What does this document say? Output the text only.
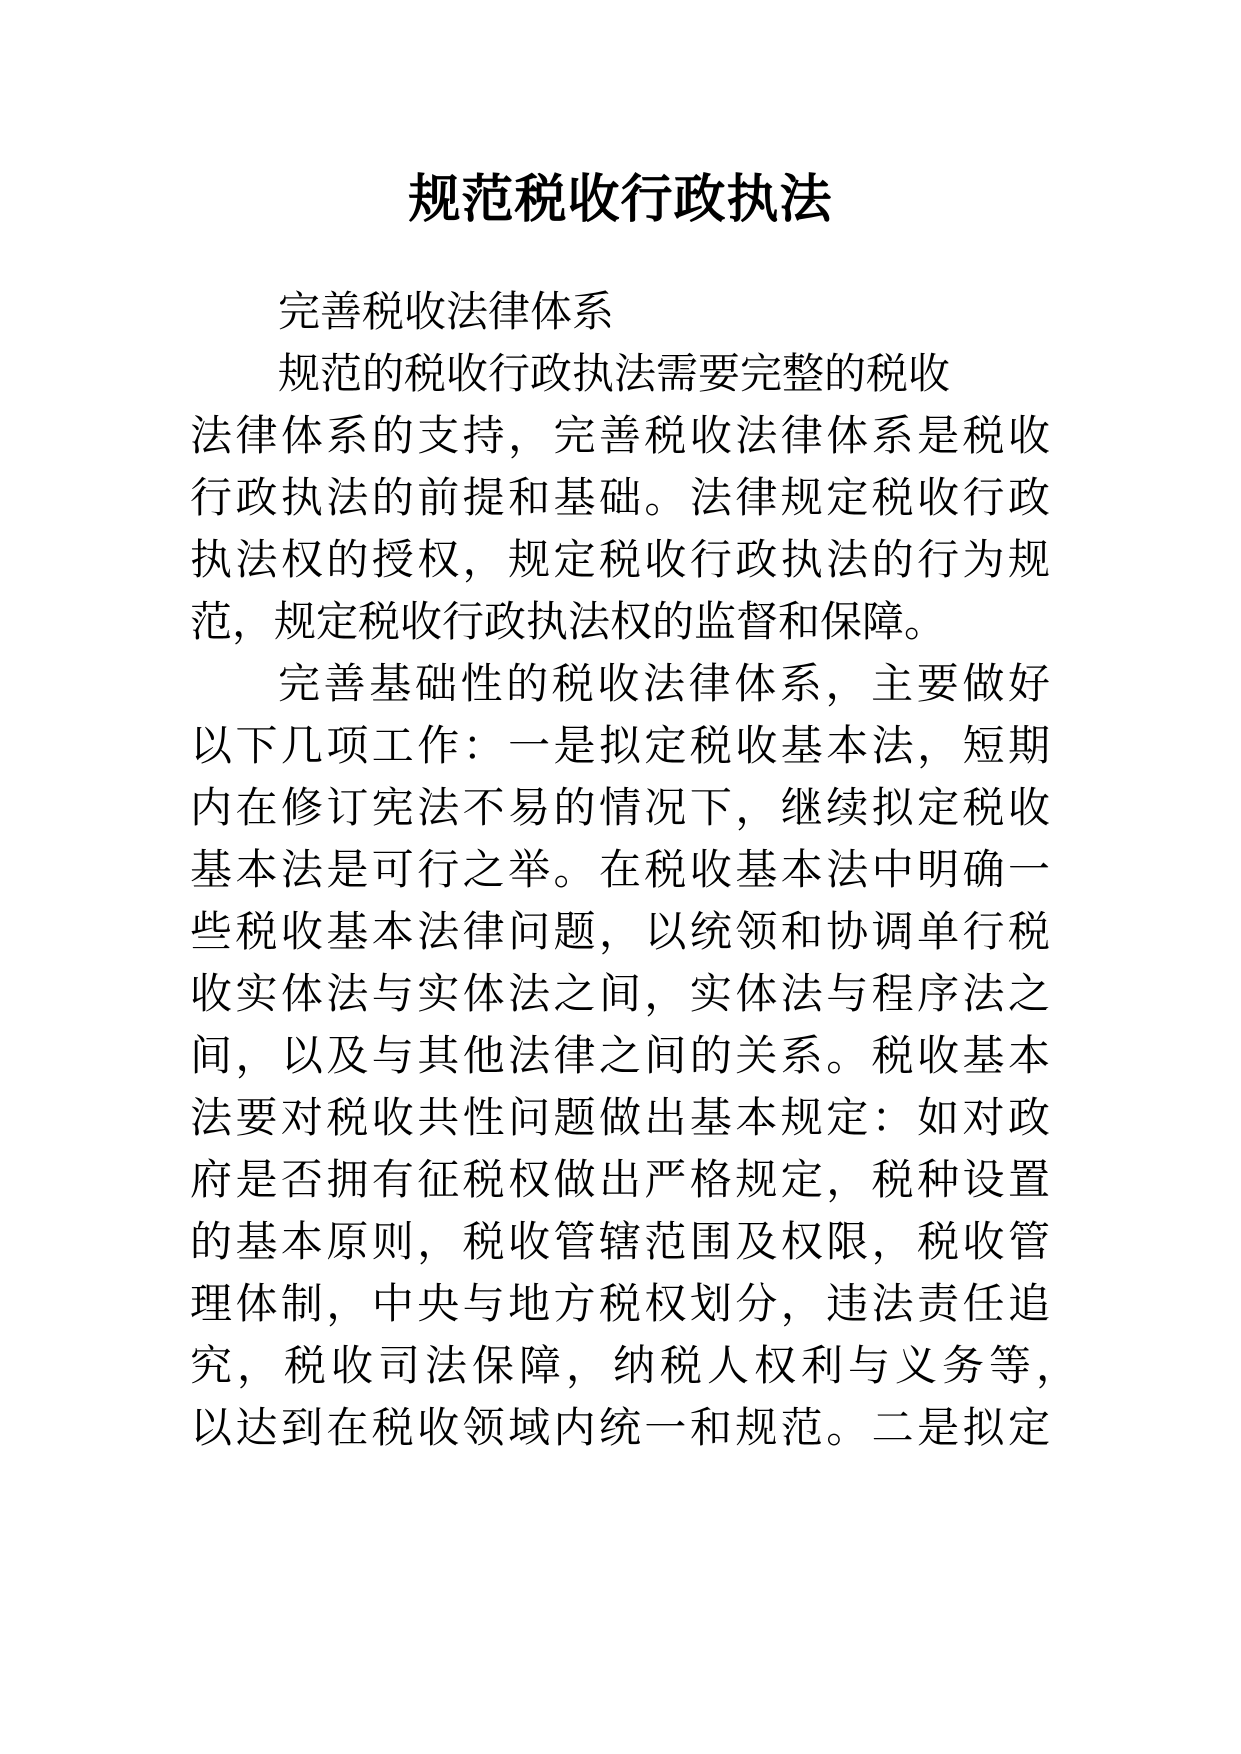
规范税收行政执法

完善税收法律体系

规范的税收行政执法需要完整的税收

法律体系的支持，完善税收法律体系是税收

行政执法的前提和基础。法律规定税收行政

执法权的授权，规定税收行政执法的行为规

范，规定税收行政执法权的监督和保障。

完善基础性的税收法律体系，主要做好

以下几项工作：一是拟定税收基本法，短期

内在修订宪法不易的情况下，继续拟定税收

基本法是可行之举。在税收基本法中明确一

些税收基本法律问题，以统领和协调单行税

收实体法与实体法之间，实体法与程序法之

间，以及与其他法律之间的关系。税收基本

法要对税收共性问题做出基本规定：如对政

府是否拥有征税权做出严格规定，税种设置

的基本原则，税收管辖范围及权限，税收管

理体制，中央与地方税权划分，违法责任追

究，税收司法保障，纳税人权利与义务等，

以达到在税收领域内统一和规范。二是拟定
